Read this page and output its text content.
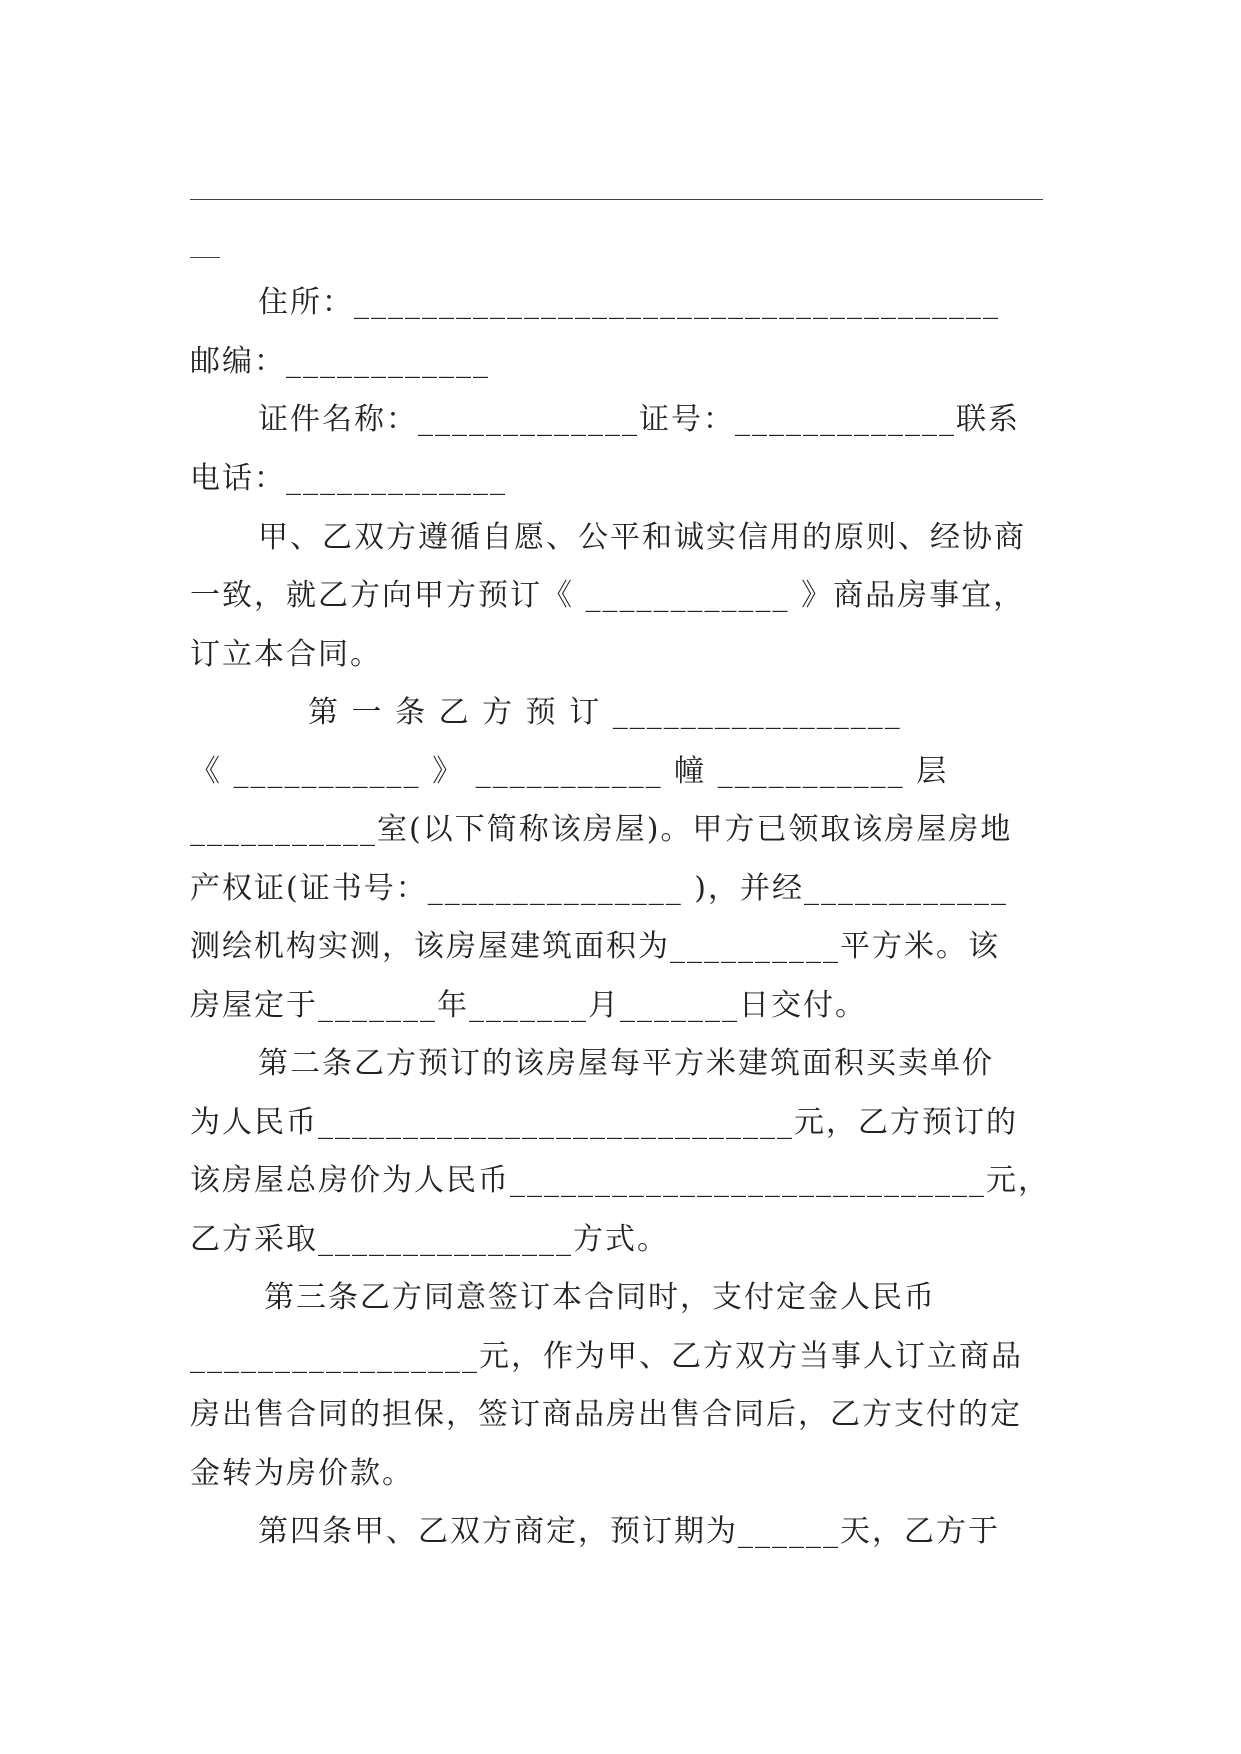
住所：______________________________________
邮编：____________
证件名称：_____________证号：_____________联系
电话：_____________
甲、乙双方遵循自愿、公平和诚实信用的原则、经协商
一致，就乙方向甲方预订《 ____________ 》商品房事宜，
订立本合同。
第 一 条 乙 方 预 订 _________________
《 ___________ 》 ___________ 幢 ___________ 层
___________室(以下简称该房屋)。甲方已领取该房屋房地
产权证(证书号：_______________ )，并经____________
测绘机构实测，该房屋建筑面积为__________平方米。该
房屋定于_______年_______月_______日交付。
第二条乙方预订的该房屋每平方米建筑面积买卖单价
为人民币____________________________元，乙方预订的
该房屋总房价为人民币____________________________元，
乙方采取_______________方式。
第三条乙方同意签订本合同时，支付定金人民币
_________________元，作为甲、乙方双方当事人订立商品
房出售合同的担保，签订商品房出售合同后，乙方支付的定
金转为房价款。
第四条甲、乙双方商定，预订期为______天，乙方于
